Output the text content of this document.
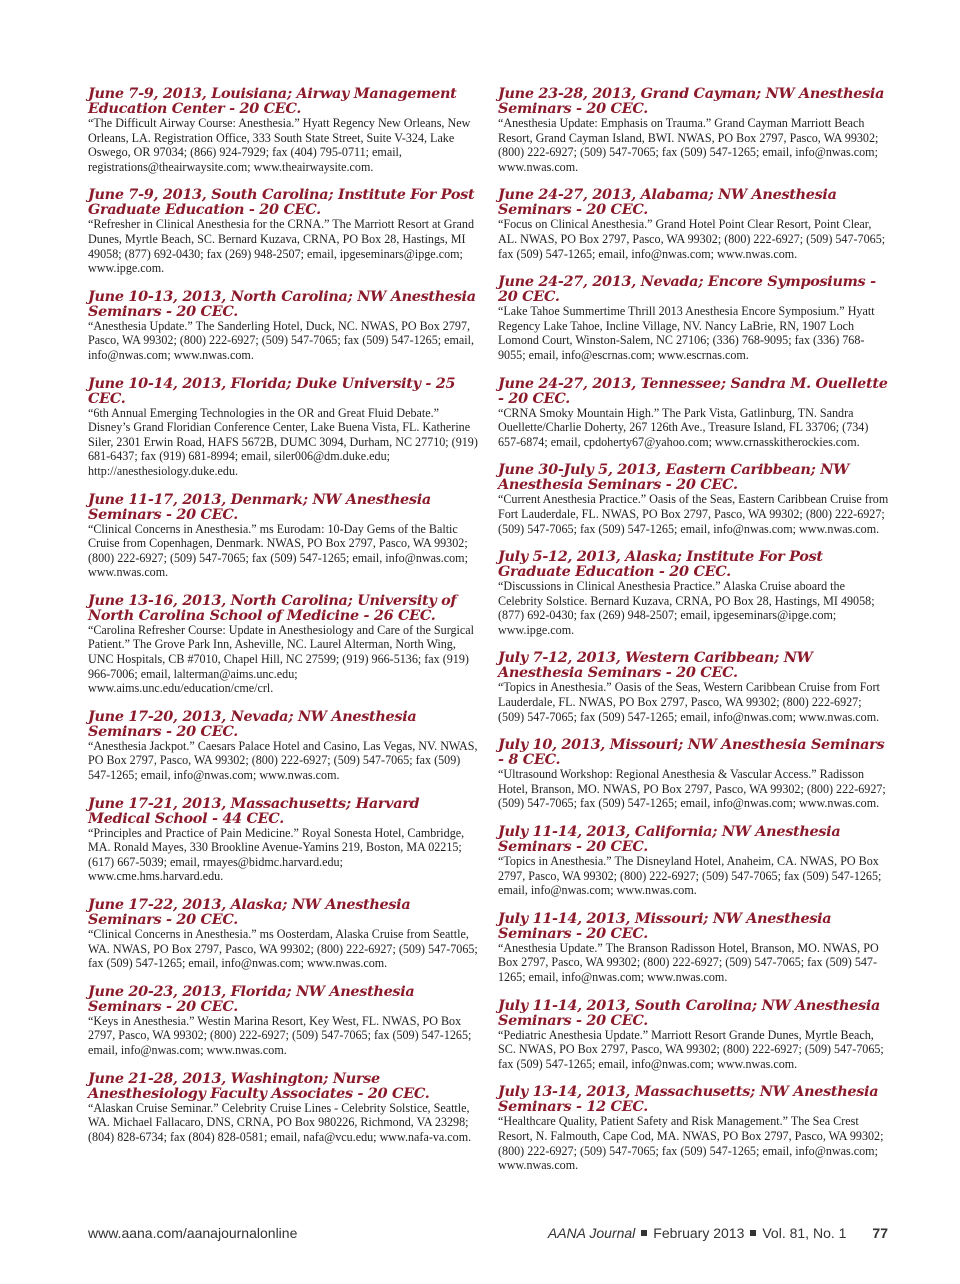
June 7-9, 2013, Louisiana; Airway Management Education Center - 20 CEC.
“The Difficult Airway Course: Anesthesia.” Hyatt Regency New Orleans, New Orleans, LA. Registration Office, 333 South State Street, Suite V-324, Lake Oswego, OR 97034; (866) 924-7929; fax (404) 795-0711; email, registrations@theairwaysite.com; www.theairwaysite.com.
June 7-9, 2013, South Carolina; Institute For Post Graduate Education - 20 CEC.
“Refresher in Clinical Anesthesia for the CRNA.” The Marriott Resort at Grand Dunes, Myrtle Beach, SC. Bernard Kuzava, CRNA, PO Box 28, Hastings, MI 49058; (877) 692-0430; fax (269) 948-2507; email, ipgeseminars@ipge.com; www.ipge.com.
June 10-13, 2013, North Carolina; NW Anesthesia Seminars - 20 CEC.
“Anesthesia Update.” The Sanderling Hotel, Duck, NC. NWAS, PO Box 2797, Pasco, WA 99302; (800) 222-6927; (509) 547-7065; fax (509) 547-1265; email, info@nwas.com; www.nwas.com.
June 10-14, 2013, Florida; Duke University - 25 CEC.
“6th Annual Emerging Technologies in the OR and Great Fluid Debate.” Disney’s Grand Floridian Conference Center, Lake Buena Vista, FL. Katherine Siler, 2301 Erwin Road, HAFS 5672B, DUMC 3094, Durham, NC 27710; (919) 681-6437; fax (919) 681-8994; email, siler006@dm.duke.edu; http://anesthesiology.duke.edu.
June 11-17, 2013, Denmark; NW Anesthesia Seminars - 20 CEC.
“Clinical Concerns in Anesthesia.” ms Eurodam: 10-Day Gems of the Baltic Cruise from Copenhagen, Denmark. NWAS, PO Box 2797, Pasco, WA 99302; (800) 222-6927; (509) 547-7065; fax (509) 547-1265; email, info@nwas.com; www.nwas.com.
June 13-16, 2013, North Carolina; University of North Carolina School of Medicine - 26 CEC.
“Carolina Refresher Course: Update in Anesthesiology and Care of the Surgical Patient.” The Grove Park Inn, Asheville, NC. Laurel Alterman, North Wing, UNC Hospitals, CB #7010, Chapel Hill, NC 27599; (919) 966-5136; fax (919) 966-7006; email, lalterman@aims.unc.edu; www.aims.unc.edu/education/cme/crl.
June 17-20, 2013, Nevada; NW Anesthesia Seminars - 20 CEC.
“Anesthesia Jackpot.” Caesars Palace Hotel and Casino, Las Vegas, NV. NWAS, PO Box 2797, Pasco, WA 99302; (800) 222-6927; (509) 547-7065; fax (509) 547-1265; email, info@nwas.com; www.nwas.com.
June 17-21, 2013, Massachusetts; Harvard Medical School - 44 CEC.
“Principles and Practice of Pain Medicine.” Royal Sonesta Hotel, Cambridge, MA. Ronald Mayes, 330 Brookline Avenue-Yamins 219, Boston, MA 02215; (617) 667-5039; email, rmayes@bidmc.harvard.edu; www.cme.hms.harvard.edu.
June 17-22, 2013, Alaska; NW Anesthesia Seminars - 20 CEC.
“Clinical Concerns in Anesthesia.” ms Oosterdam, Alaska Cruise from Seattle, WA. NWAS, PO Box 2797, Pasco, WA 99302; (800) 222-6927; (509) 547-7065; fax (509) 547-1265; email, info@nwas.com; www.nwas.com.
June 20-23, 2013, Florida; NW Anesthesia Seminars - 20 CEC.
“Keys in Anesthesia.” Westin Marina Resort, Key West, FL. NWAS, PO Box 2797, Pasco, WA 99302; (800) 222-6927; (509) 547-7065; fax (509) 547-1265; email, info@nwas.com; www.nwas.com.
June 21-28, 2013, Washington; Nurse Anesthesiology Faculty Associates - 20 CEC.
“Alaskan Cruise Seminar.” Celebrity Cruise Lines - Celebrity Solstice, Seattle, WA. Michael Fallacaro, DNS, CRNA, PO Box 980226, Richmond, VA 23298; (804) 828-6734; fax (804) 828-0581; email, nafa@vcu.edu; www.nafa-va.com.
June 23-28, 2013, Grand Cayman; NW Anesthesia Seminars - 20 CEC.
“Anesthesia Update: Emphasis on Trauma.” Grand Cayman Marriott Beach Resort, Grand Cayman Island, BWI. NWAS, PO Box 2797, Pasco, WA 99302; (800) 222-6927; (509) 547-7065; fax (509) 547-1265; email, info@nwas.com; www.nwas.com.
June 24-27, 2013, Alabama; NW Anesthesia Seminars - 20 CEC.
“Focus on Clinical Anesthesia.” Grand Hotel Point Clear Resort, Point Clear, AL. NWAS, PO Box 2797, Pasco, WA 99302; (800) 222-6927; (509) 547-7065; fax (509) 547-1265; email, info@nwas.com; www.nwas.com.
June 24-27, 2013, Nevada; Encore Symposiums - 20 CEC.
“Lake Tahoe Summertime Thrill 2013 Anesthesia Encore Symposium.” Hyatt Regency Lake Tahoe, Incline Village, NV. Nancy LaBrie, RN, 1907 Loch Lomond Court, Winston-Salem, NC 27106; (336) 768-9095; fax (336) 768-9055; email, info@escrnas.com; www.escrnas.com.
June 24-27, 2013, Tennessee; Sandra M. Ouellette - 20 CEC.
“CRNA Smoky Mountain High.” The Park Vista, Gatlinburg, TN. Sandra Ouellette/Charlie Doherty, 267 126th Ave., Treasure Island, FL 33706; (734) 657-6874; email, cpdoherty67@yahoo.com; www.crnasskitherockies.com.
June 30-July 5, 2013, Eastern Caribbean; NW Anesthesia Seminars - 20 CEC.
“Current Anesthesia Practice.” Oasis of the Seas, Eastern Caribbean Cruise from Fort Lauderdale, FL. NWAS, PO Box 2797, Pasco, WA 99302; (800) 222-6927; (509) 547-7065; fax (509) 547-1265; email, info@nwas.com; www.nwas.com.
July 5-12, 2013, Alaska; Institute For Post Graduate Education - 20 CEC.
“Discussions in Clinical Anesthesia Practice.” Alaska Cruise aboard the Celebrity Solstice. Bernard Kuzava, CRNA, PO Box 28, Hastings, MI 49058; (877) 692-0430; fax (269) 948-2507; email, ipgeseminars@ipge.com; www.ipge.com.
July 7-12, 2013, Western Caribbean; NW Anesthesia Seminars - 20 CEC.
“Topics in Anesthesia.” Oasis of the Seas, Western Caribbean Cruise from Fort Lauderdale, FL. NWAS, PO Box 2797, Pasco, WA 99302; (800) 222-6927; (509) 547-7065; fax (509) 547-1265; email, info@nwas.com; www.nwas.com.
July 10, 2013, Missouri; NW Anesthesia Seminars - 8 CEC.
“Ultrasound Workshop: Regional Anesthesia & Vascular Access.” Radisson Hotel, Branson, MO. NWAS, PO Box 2797, Pasco, WA 99302; (800) 222-6927; (509) 547-7065; fax (509) 547-1265; email, info@nwas.com; www.nwas.com.
July 11-14, 2013, California; NW Anesthesia Seminars - 20 CEC.
“Topics in Anesthesia.” The Disneyland Hotel, Anaheim, CA. NWAS, PO Box 2797, Pasco, WA 99302; (800) 222-6927; (509) 547-7065; fax (509) 547-1265; email, info@nwas.com; www.nwas.com.
July 11-14, 2013, Missouri; NW Anesthesia Seminars - 20 CEC.
“Anesthesia Update.” The Branson Radisson Hotel, Branson, MO. NWAS, PO Box 2797, Pasco, WA 99302; (800) 222-6927; (509) 547-7065; fax (509) 547-1265; email, info@nwas.com; www.nwas.com.
July 11-14, 2013, South Carolina; NW Anesthesia Seminars - 20 CEC.
“Pediatric Anesthesia Update.” Marriott Resort Grande Dunes, Myrtle Beach, SC. NWAS, PO Box 2797, Pasco, WA 99302; (800) 222-6927; (509) 547-7065; fax (509) 547-1265; email, info@nwas.com; www.nwas.com.
July 13-14, 2013, Massachusetts; NW Anesthesia Seminars - 12 CEC.
“Healthcare Quality, Patient Safety and Risk Management.” The Sea Crest Resort, N. Falmouth, Cape Cod, MA. NWAS, PO Box 2797, Pasco, WA 99302; (800) 222-6927; (509) 547-7065; fax (509) 547-1265; email, info@nwas.com; www.nwas.com.
www.aana.com/aanajournalonline	AANA Journal February 2013 Vol. 81, No. 1 77
